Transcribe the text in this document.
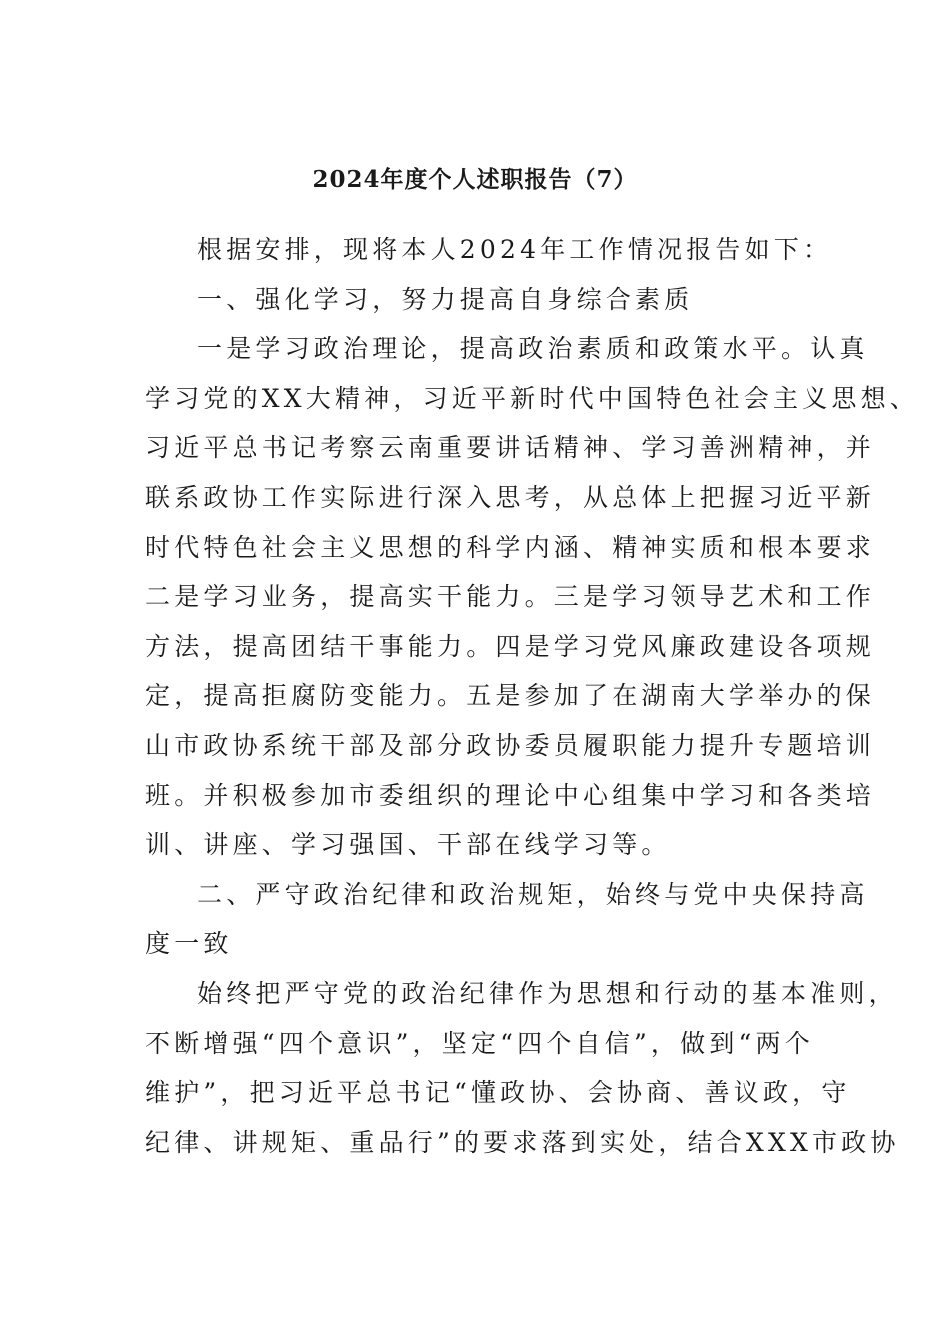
2024年度个人述职报告（7）
根据安排，现将本人2024年工作情况报告如下：
一、强化学习，努力提高自身综合素质
一是学习政治理论，提高政治素质和政策水平。认真
学习党的XX大精神，习近平新时代中国特色社会主义思想、
习近平总书记考察云南重要讲话精神、学习善洲精神，并
联系政协工作实际进行深入思考，从总体上把握习近平新
时代特色社会主义思想的科学内涵、精神实质和根本要求
二是学习业务，提高实干能力。三是学习领导艺术和工作
方法，提高团结干事能力。四是学习党风廉政建设各项规
定，提高拒腐防变能力。五是参加了在湖南大学举办的保
山市政协系统干部及部分政协委员履职能力提升专题培训
班。并积极参加市委组织的理论中心组集中学习和各类培
训、讲座、学习强国、干部在线学习等。
二、严守政治纪律和政治规矩，始终与党中央保持高
度一致
始终把严守党的政治纪律作为思想和行动的基本准则，
不断增强“四个意识”，坚定“四个自信”，做到“两个
维护”，把习近平总书记“懂政协、会协商、善议政，守
纪律、讲规矩、重品行”的要求落到实处，结合XXX市政协
